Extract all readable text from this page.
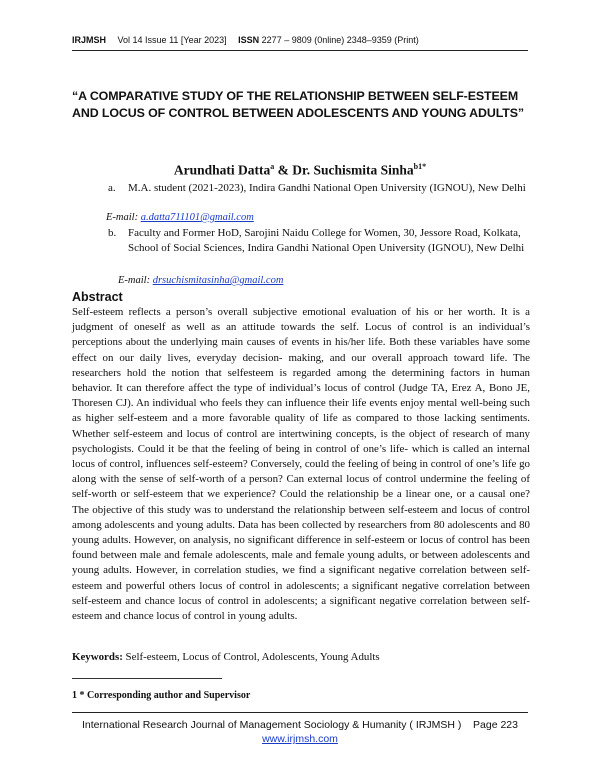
IRJMSH Vol 14 Issue 11 [Year 2023] ISSN 2277 – 9809 (0nline) 2348–9359 (Print)
“A COMPARATIVE STUDY OF THE RELATIONSHIP BETWEEN SELF-ESTEEM AND LOCUS OF CONTROL BETWEEN ADOLESCENTS AND YOUNG ADULTS”
Arundhati Datta$^a$ & Dr. Suchismita Sinha$^{b1*}$
a. M.A. student (2021-2023), Indira Gandhi National Open University (IGNOU), New Delhi
E-mail: a.datta711101@gmail.com
b. Faculty and Former HoD, Sarojini Naidu College for Women, 30, Jessore Road, Kolkata, School of Social Sciences, Indira Gandhi National Open University (IGNOU), New Delhi
E-mail: drsuchismitasinha@gmail.com
Abstract
Self-esteem reflects a person’s overall subjective emotional evaluation of his or her worth. It is a judgment of oneself as well as an attitude towards the self. Locus of control is an individual’s perceptions about the underlying main causes of events in his/her life. Both these variables have some effect on our daily lives, everyday decision- making, and our overall approach toward life. The researchers hold the notion that selfesteem is regarded among the determining factors in human behavior. It can therefore affect the type of individual’s locus of control (Judge TA, Erez A, Bono JE, Thoresen CJ). An individual who feels they can influence their life events enjoy mental well-being such as higher self-esteem and a more favorable quality of life as compared to those lacking sentiments. Whether self-esteem and locus of control are intertwining concepts, is the object of research of many psychologists. Could it be that the feeling of being in control of one’s life- which is called an internal locus of control, influences self-esteem? Conversely, could the feeling of being in control of one’s life go along with the sense of self-worth of a person? Can external locus of control undermine the feeling of self-worth or self-esteem that we experience? Could the relationship be a linear one, or a causal one? The objective of this study was to understand the relationship between self-esteem and locus of control among adolescents and young adults. Data has been collected by researchers from 80 adolescents and 80 young adults. However, on analysis, no significant difference in self-esteem or locus of control has been found between male and female adolescents, male and female young adults, or between adolescents and young adults. However, in correlation studies, we find a significant negative correlation between self-esteem and powerful others locus of control in adolescents; a significant negative correlation between self-esteem and chance locus of control in adolescents; a significant negative correlation between self-esteem and chance locus of control in young adults.
Keywords: Self-esteem, Locus of Control, Adolescents, Young Adults
1 * Corresponding author and Supervisor
International Research Journal of Management Sociology & Humanity ( IRJMSH ) Page 223
www.irjmsh.com
